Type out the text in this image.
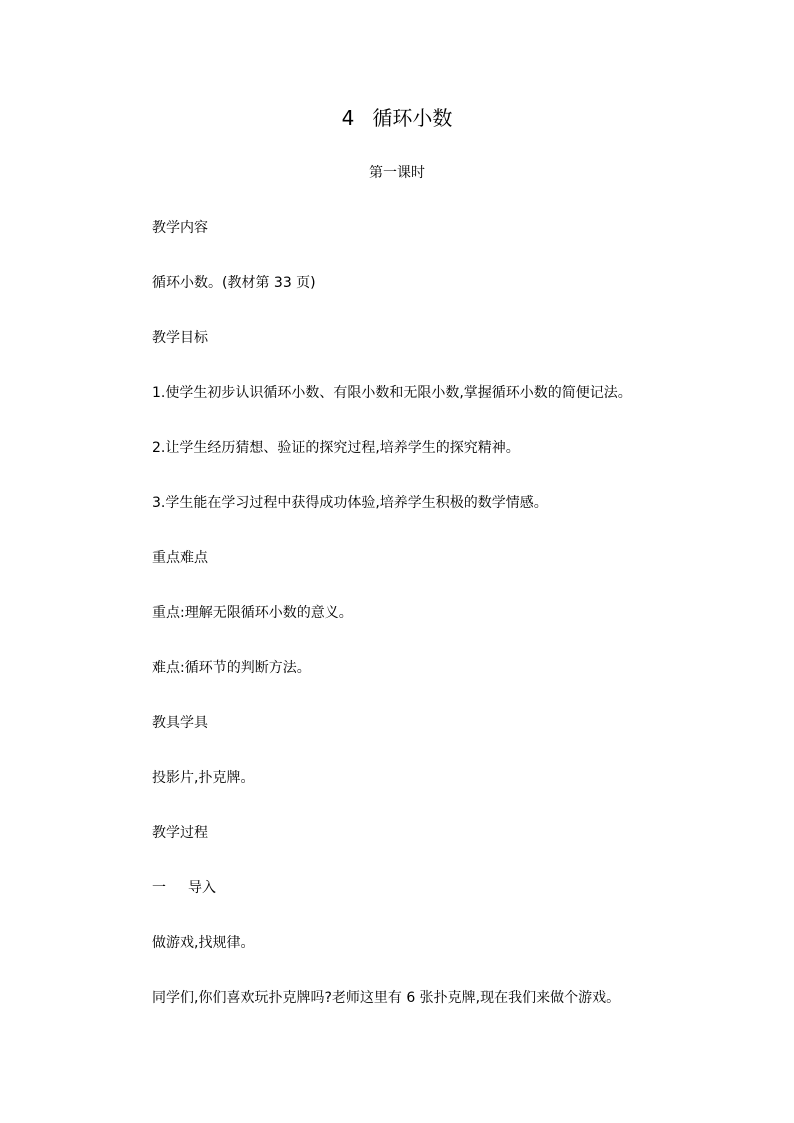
4 循环小数
第一课时
教学内容
循环小数。(教材第 33 页)
教学目标
1.使学生初步认识循环小数、有限小数和无限小数,掌握循环小数的简便记法。
2.让学生经历猜想、验证的探究过程,培养学生的探究精神。
3.学生能在学习过程中获得成功体验,培养学生积极的数学情感。
重点难点
重点:理解无限循环小数的意义。
难点:循环节的判断方法。
教具学具
投影片,扑克牌。
教学过程
一 导入
做游戏,找规律。
同学们,你们喜欢玩扑克牌吗?老师这里有 6 张扑克牌,现在我们来做个游戏。
